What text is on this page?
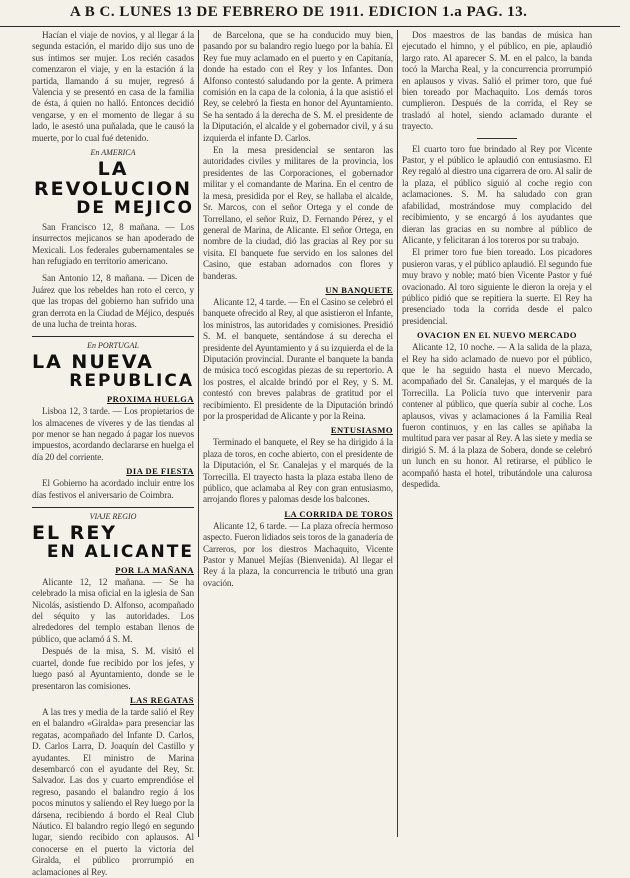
A B C. LUNES 13 DE FEBRERO DE 1911. EDICION 1.a PAG. 13.

Hacían el viaje de novios, y al llegar á la segunda estación, el marido dijo sus uno de sus íntimos ser mujer. Los recién casados comenzaron el viaje, y en la estación á la partida, llamando á su mujer, regresó á Valencia y se presentó en casa de la familia de ésta, á quien no halló. Entonces decidió vengarse, y en el momento de llegar á su lado, le asestó una puñalada, que le causó la muerte, por lo cual fué detenido.

En AMERICA
LA REVOLUCION
DE MEJICO

San Francisco 12, 8 mañana. — Los insurrectos mejicanos se han apoderado de Mexicali. Los federales gubernamentales se han refugiado en territorio americano.

San Antonio 12, 8 mañana. — Dicen de Juárez que los rebeldes han roto el cerco, y que las tropas del gobierno han sufrido una gran derrota en la Ciudad de Méjico, después de una lucha de treinta horas.

En PORTUGAL
LA NUEVA
REPUBLICA
PROXIMA HUELGA

Lisboa 12, 3 tarde. — Los propietarios de los almacenes de víveres y de las tiendas al por menor se han negado á pagar los nuevos impuestos, acordando declararse en huelga el día 20 del corriente.

DIA DE FIESTA

El Gobierno ha acordado incluir entre los días festivos el aniversario de Coimbra.

VIAJE REGIO
EL REY
EN ALICANTE
POR LA MAÑANA

Alicante 12, 12 mañana. — Se ha celebrado la misa oficial en la iglesia de San Nicolás, asistiendo D. Alfonso, acompañado del séquito y las autoridades. Los alrededores del templo estaban llenos de público, que aclamó á S. M.

Después de la misa, S. M. visitó el cuartel, donde fue recibido por los jefes, y luego pasó al Ayuntamiento, donde se le presentaron las comisiones.

LAS REGATAS

A las tres y media de la tarde salió el Rey en el balandro «Giralda» para presenciar las regatas, acompañado del Infante D. Carlos, D. Carlos Larra, D. Joaquín del Castillo y ayudantes. El ministro de Marina desembarcó con el ayudante del Rey, Sr. Salvador. Las dos y cuarto emprendióse el regreso, pasando el balandro regio á los pocos minutos y saliendo el Rey luego por la dársena, recibiendo á bordo el Real Club Náutico. El balandro regio llegó en segundo lugar, siendo recibido con aplausos. Al conocerse en el puerto la victoria del Giralda, el público prorrumpió en aclamaciones al Rey.

de Barcelona, que se ha conducido muy bien, pasando por su balandro regio luego por la bahía. El Rey fue muy aclamado en el puerto y en Capitanía, donde ha estado con el Rey y los Infantes. Don Alfonso contestó saludando por la gente. A primera comisión en la capa de la colonia, á la que asistió el Rey, se celebró la fiesta en honor del Ayuntamiento. Se ha sentado á la derecha de S. M. el presidente de la Diputación, el alcalde y el gobernador civil, y á su izquierda el infante D. Carlos.

En la mesa presidencial se sentaron las autoridades civiles y militares de la provincia, los presidentes de las Corporaciones, el gobernador militar y el comandante de Marina. En el centro de la mesa, presidida por el Rey, se hallaba el alcalde, Sr. Marcos, con el señor Ortega y el conde de Torrellano, el señor Ruiz, D. Fernando Pérez, y el general de Marina, de Alicante. El señor Ortega, en nombre de la ciudad, dió las gracias al Rey por su visita. El banquete fue servido en los salones del Casino, que estaban adornados con flores y banderas.

UN BANQUETE

Alicante 12, 4 tarde. — En el Casino se celebró el banquete ofrecido al Rey, al que asistieron el Infante, los ministros, las autoridades y comisiones. Presidió S. M. el banquete, sentándose á su derecha el presidente del Ayuntamiento y á su izquierda el de la Diputación provincial. Durante el banquete la banda de música tocó escogidas piezas de su repertorio. A los postres, el alcalde brindó por el Rey, y S. M. contestó con breves palabras de gratitud por el recibimiento. El presidente de la Diputación brindó por la prosperidad de Alicante y por la Reina.

ENTUSIASMO

Terminado el banquete, el Rey se ha dirigido á la plaza de toros, en coche abierto, con el presidente de la Diputación, el Sr. Canalejas y el marqués de la Torrecilla. El trayecto hasta la plaza estaba lleno de público, que aclamaba al Rey con gran entusiasmo, arrojando flores y palomas desde los balcones.

LA CORRIDA DE TOROS

Alicante 12, 6 tarde. — La plaza ofrecía hermoso aspecto. Fueron lidiados seis toros de la ganadería de Carreros, por los diestros Machaquito, Vicente Pastor y Manuel Mejías (Bienvenida). Al llegar el Rey á la plaza, la concurrencia le tributó una gran ovación.

Dos maestros de las bandas de música han ejecutado el himno, y el público, en pie, aplaudió largo rato. Al aparecer S. M. en el palco, la banda tocó la Marcha Real, y la concurrencia prorrumpió en aplausos y vivas. Salió el primer toro, que fué bien toreado por Machaquito. Los demás toros cumplieron. Después de la corrida, el Rey se trasladó al hotel, siendo aclamado durante el trayecto.

El cuarto toro fue brindado al Rey por Vicente Pastor, y el público le aplaudió con entusiasmo. El Rey regaló al diestro una cigarrera de oro. Al salir de la plaza, el público siguió al coche regio con aclamaciones. S. M. ha saludado con gran afabilidad, mostrándose muy complacido del recibimiento, y se encargó á los ayudantes que dieran las gracias en su nombre al público de Alicante, y felicitaran á los toreros por su trabajo.

El primer toro fue bien toreado. Los picadores pusieron varas, y el público aplaudió. El segundo fue muy bravo y noble; mató bien Vicente Pastor y fué ovacionado. Al toro siguiente le dieron la oreja y el público pidió que se repitiera la suerte. El Rey ha presenciado toda la corrida desde el palco presidencial.

OVACION EN EL NUEVO MERCADO

Alicante 12, 10 noche. — A la salida de la plaza, el Rey ha sido aclamado de nuevo por el público, que le ha seguido hasta el nuevo Mercado, acompañado del Sr. Canalejas, y el marqués de la Torrecilla. La Policía tuvo que intervenir para contener al público, que quería subir al coche. Los aplausos, vivas y aclamaciones á la Familia Real fueron continuos, y en las calles se apiñaba la multitud para ver pasar al Rey. A las siete y media se dirigió S. M. á la plaza de Sobera, donde se celebró un lunch en su honor. Al retirarse, el público le acompañó hasta el hotel, tributándole una calurosa despedida.
